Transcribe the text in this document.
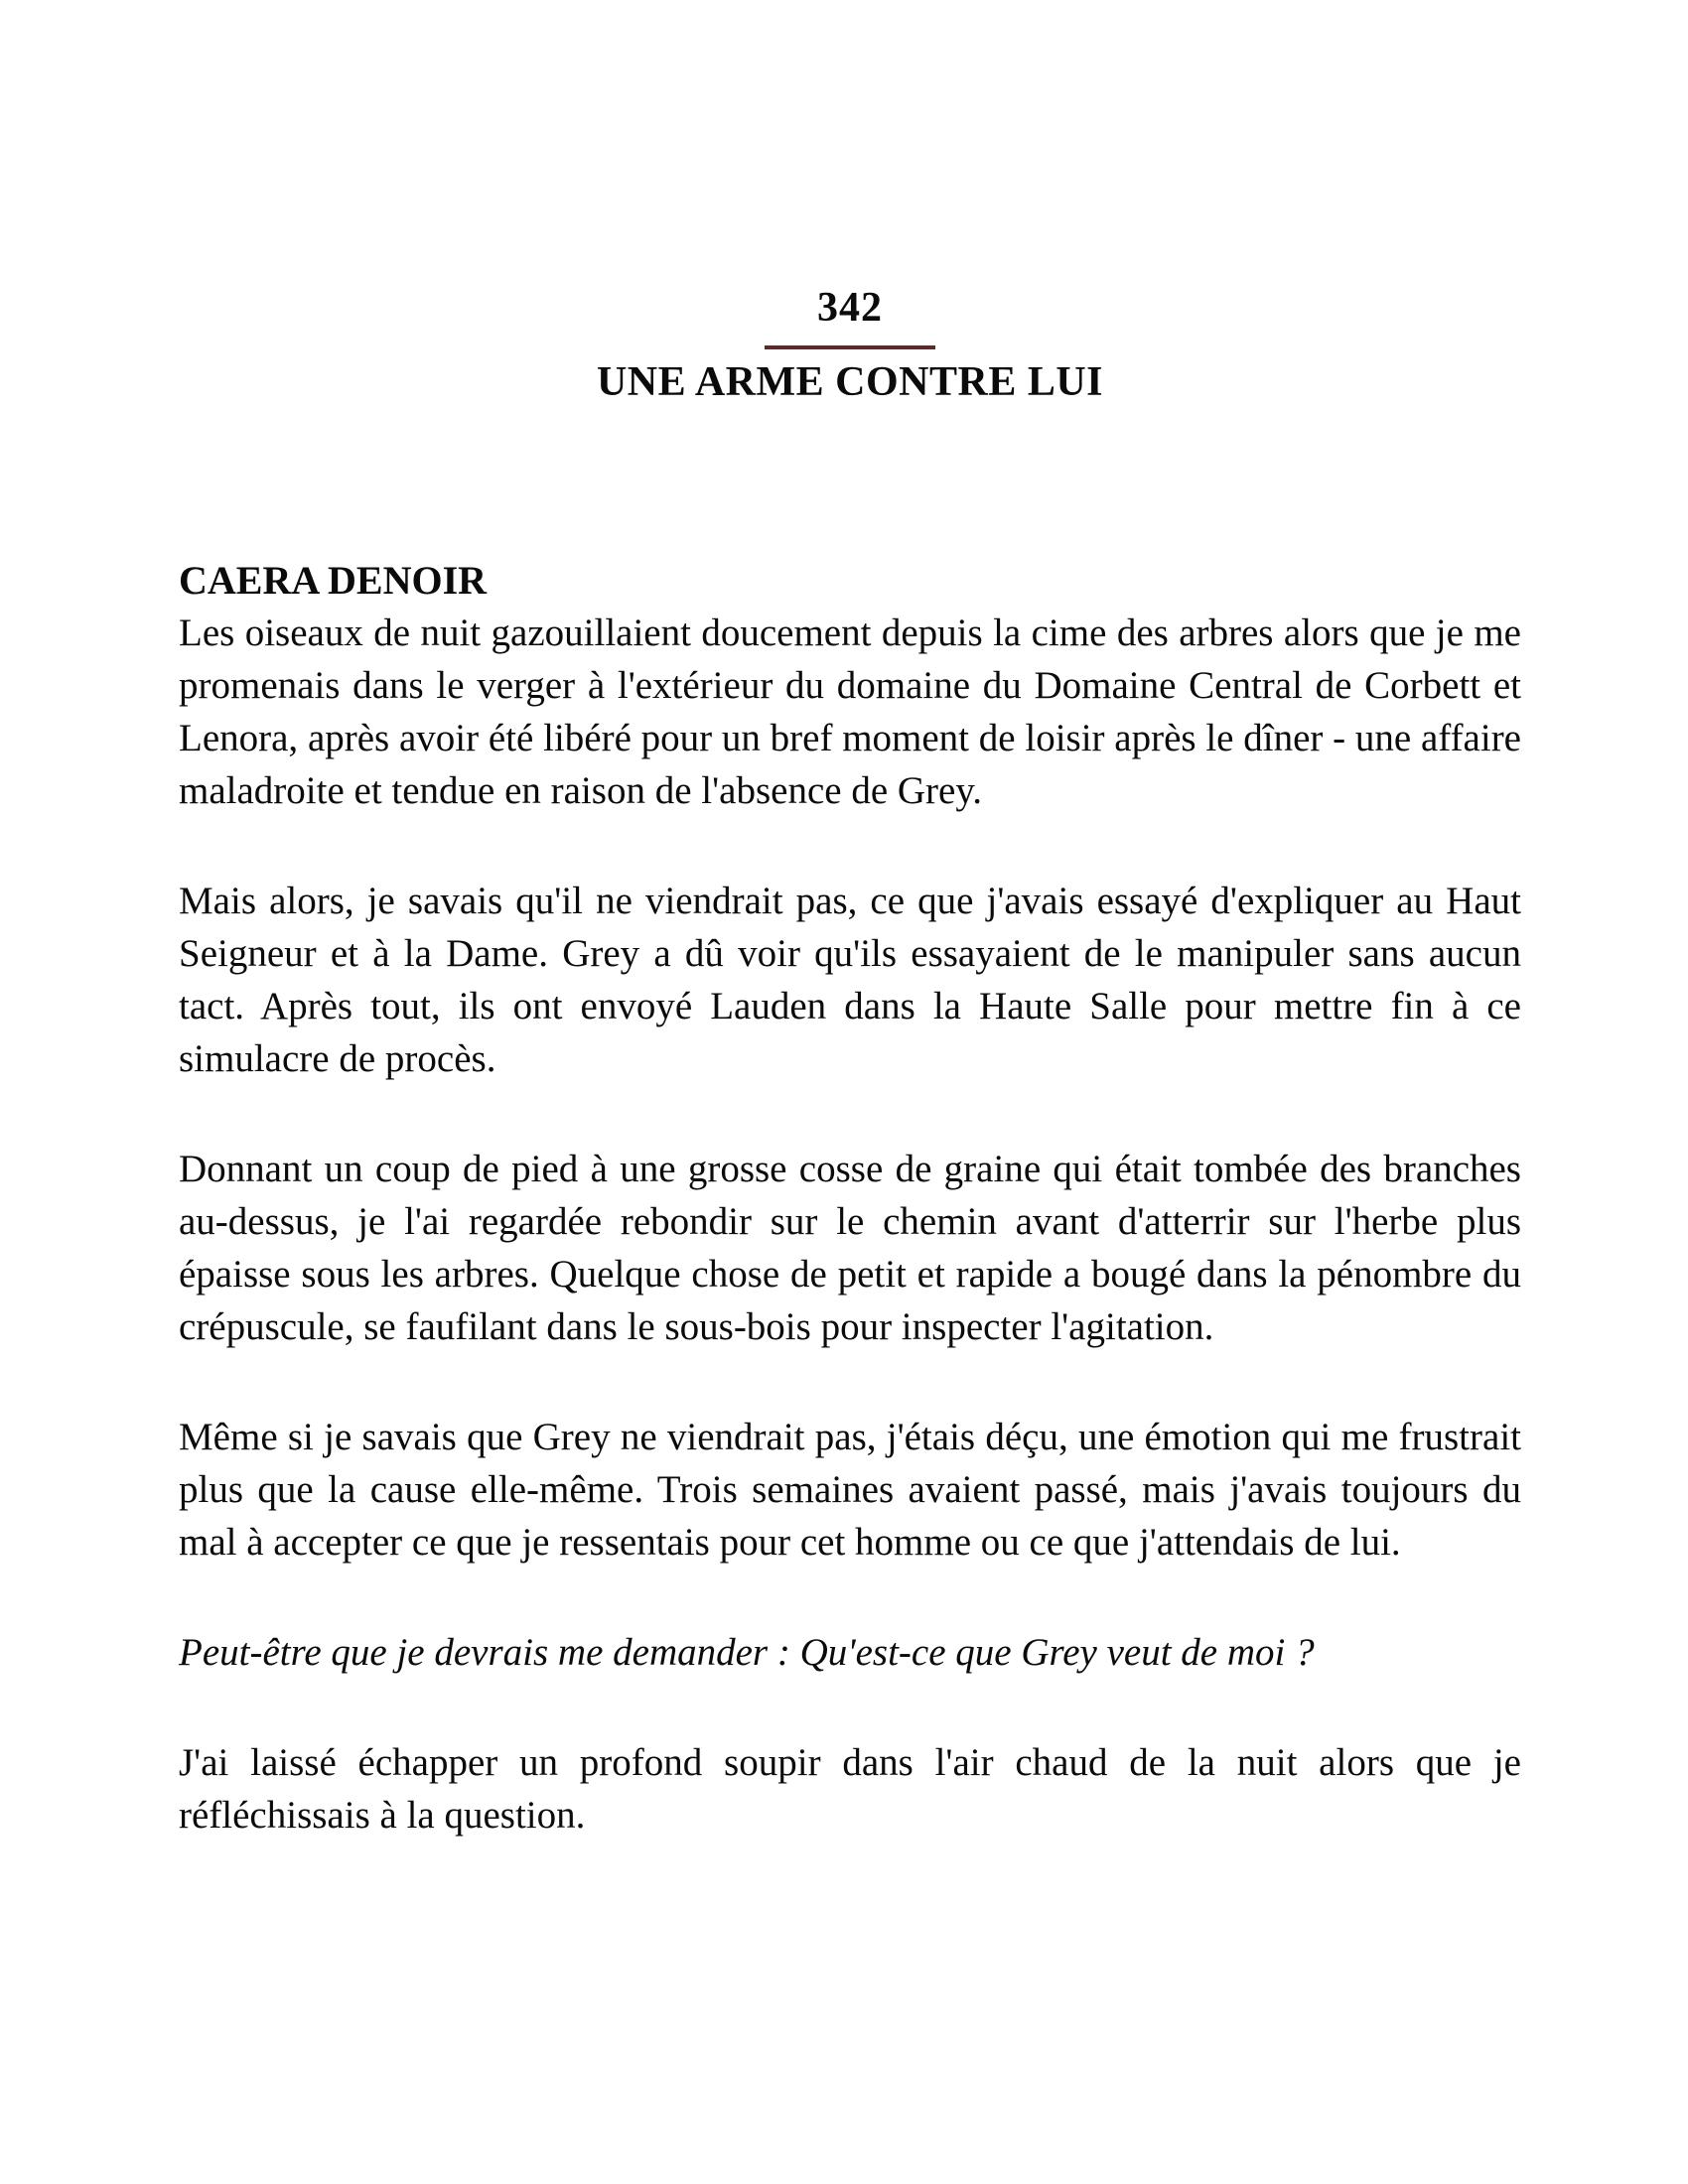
342
UNE ARME CONTRE LUI
CAERA DENOIR

Les oiseaux de nuit gazouillaient doucement depuis la cime des arbres alors que je me promenais dans le verger à l'extérieur du domaine du Domaine Central de Corbett et Lenora, après avoir été libéré pour un bref moment de loisir après le dîner - une affaire maladroite et tendue en raison de l'absence de Grey.

Mais alors, je savais qu'il ne viendrait pas, ce que j'avais essayé d'expliquer au Haut Seigneur et à la Dame. Grey a dû voir qu'ils essayaient de le manipuler sans aucun tact. Après tout, ils ont envoyé Lauden dans la Haute Salle pour mettre fin à ce simulacre de procès.

Donnant un coup de pied à une grosse cosse de graine qui était tombée des branches au-dessus, je l'ai regardée rebondir sur le chemin avant d'atterrir sur l'herbe plus épaisse sous les arbres. Quelque chose de petit et rapide a bougé dans la pénombre du crépuscule, se faufilant dans le sous-bois pour inspecter l'agitation.

Même si je savais que Grey ne viendrait pas, j'étais déçu, une émotion qui me frustrait plus que la cause elle-même. Trois semaines avaient passé, mais j'avais toujours du mal à accepter ce que je ressentais pour cet homme ou ce que j'attendais de lui.

Peut-être que je devrais me demander : Qu'est-ce que Grey veut de moi ?

J'ai laissé échapper un profond soupir dans l'air chaud de la nuit alors que je réfléchissais à la question.
